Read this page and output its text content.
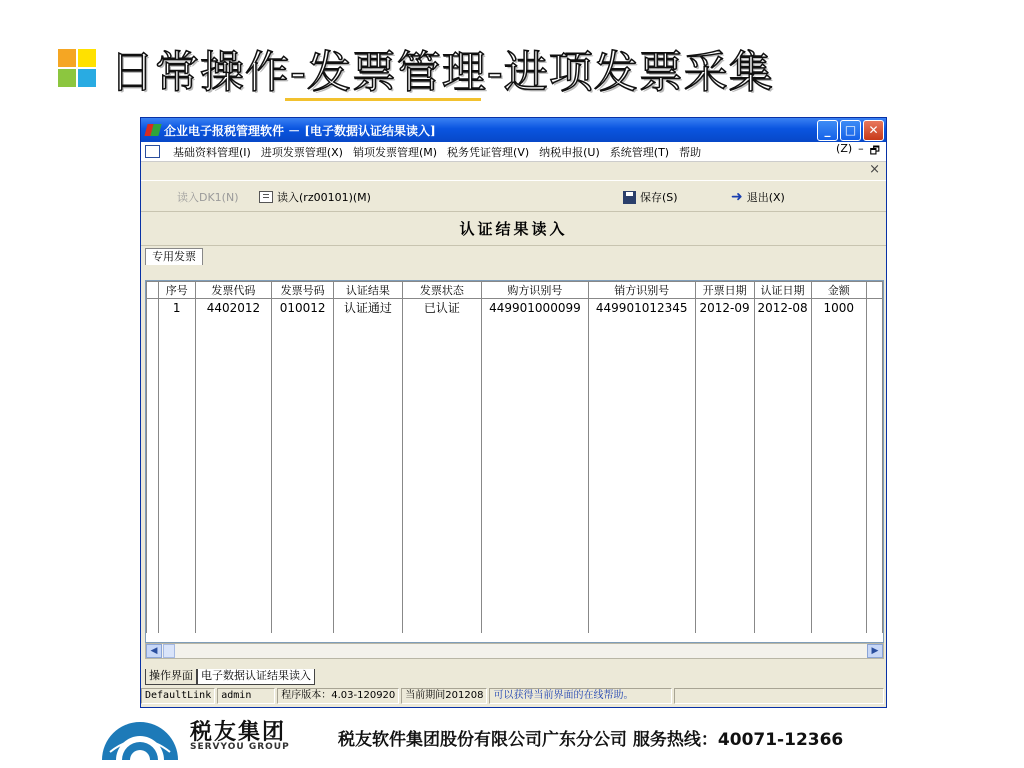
日常操作-发票管理-进项发票采集
企业电子报税管理软件 － [电子数据认证结果读入]	_	□	✕
基础资料管理(I) 进项发票管理(X) 销项发票管理(M) 税务凭证管理(V) 纳税申报(U) 系统管理(T) 帮助	(Z) – 🗗
×
读入DK1(N)	读入(rz00101)(M)	保存(S)	➜ 退出(X)
认证结果读入
专用发票
	序号	发票代码	发票号码	认证结果	发票状态	购方识别号	销方识别号	开票日期	认证日期	金额	
	1	4402012	010012	认证通过	已认证	449901000099	449901012345	2012-09	2012-08	1000	

◀	▶
操作界面 电子数据认证结果读入
DefaultLink	admin	程序版本：4.03-120920	当前期间201208	可以获得当前界面的在线帮助。
税友集团
SERVYOU GROUP	税友软件集团股份有限公司广东分公司 服务热线：40071-12366
